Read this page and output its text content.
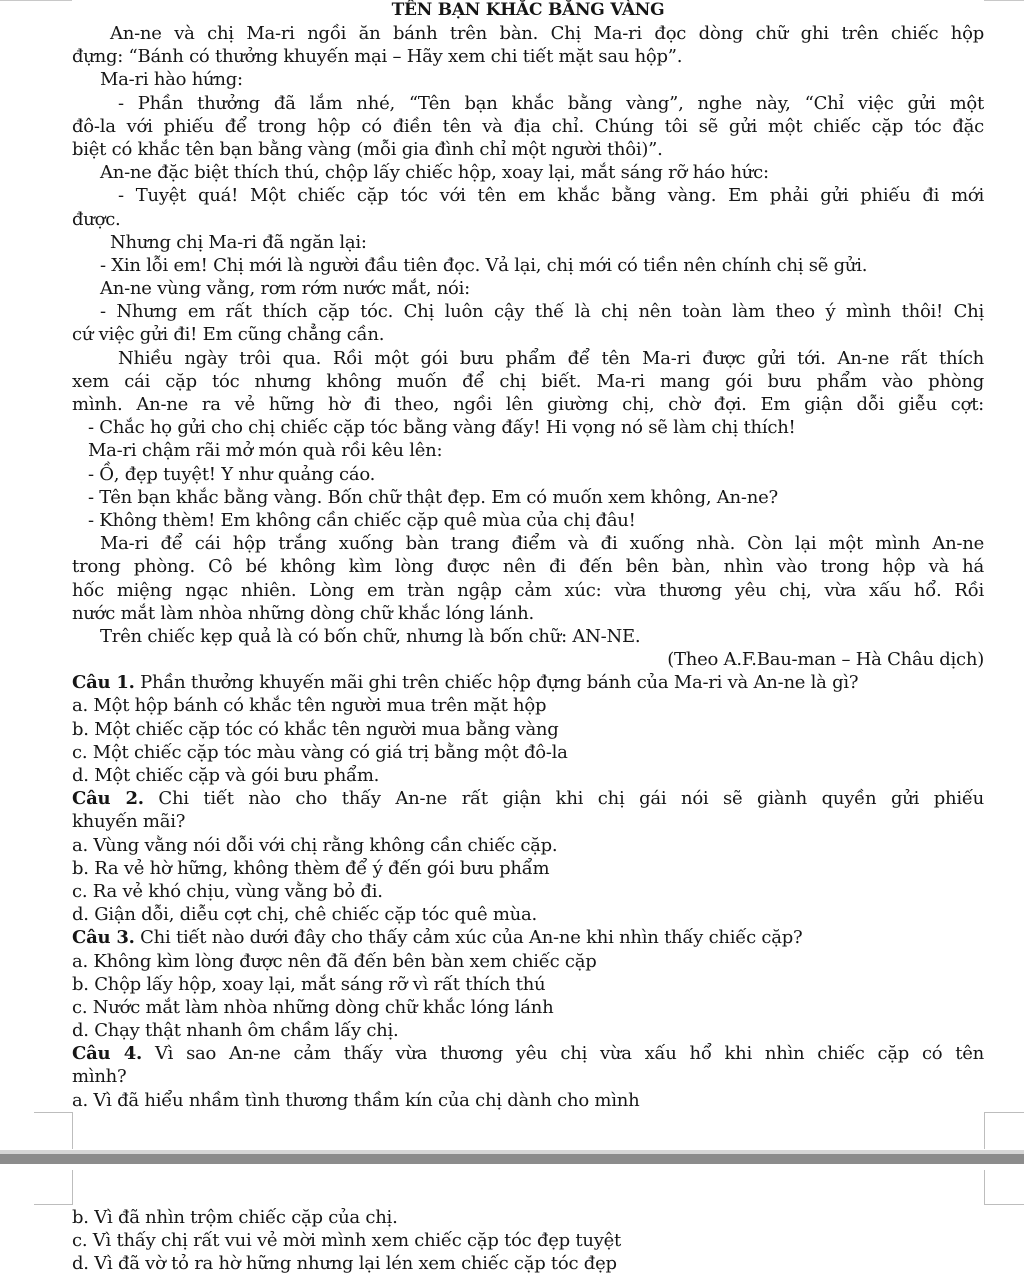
TÊN BẠN KHẮC BẰNG VÀNG
An-ne và chị Ma-ri ngồi ăn bánh trên bàn. Chị Ma-ri đọc dòng chữ ghi trên chiếc hộp
đựng: “Bánh có thưởng khuyến mại – Hãy xem chi tiết mặt sau hộp”.
Ma-ri hào hứng:
- Phần thưởng đã lắm nhé, “Tên bạn khắc bằng vàng”, nghe này, “Chỉ việc gửi một
đô-la với phiếu để trong hộp có điền tên và địa chỉ. Chúng tôi sẽ gửi một chiếc cặp tóc đặc
biệt có khắc tên bạn bằng vàng (mỗi gia đình chỉ một người thôi)”.
An-ne đặc biệt thích thú, chộp lấy chiếc hộp, xoay lại, mắt sáng rỡ háo hức:
- Tuyệt quá! Một chiếc cặp tóc với tên em khắc bằng vàng. Em phải gửi phiếu đi mới
được.
Nhưng chị Ma-ri đã ngăn lại:
- Xin lỗi em! Chị mới là người đầu tiên đọc. Vả lại, chị mới có tiền nên chính chị sẽ gửi.
An-ne vùng vằng, rơm rớm nước mắt, nói:
- Nhưng em rất thích cặp tóc. Chị luôn cậy thế là chị nên toàn làm theo ý mình thôi! Chị
cứ việc gửi đi! Em cũng chẳng cần.
Nhiều ngày trôi qua. Rồi một gói bưu phẩm để tên Ma-ri được gửi tới. An-ne rất thích
xem cái cặp tóc nhưng không muốn để chị biết. Ma-ri mang gói bưu phẩm vào phòng
mình. An-ne ra vẻ hững hờ đi theo, ngồi lên giường chị, chờ đợi. Em giận dỗi giễu cợt:
- Chắc họ gửi cho chị chiếc cặp tóc bằng vàng đấy! Hi vọng nó sẽ làm chị thích!
Ma-ri chậm rãi mở món quà rồi kêu lên:
- Ồ, đẹp tuyệt! Y như quảng cáo.
- Tên bạn khắc bằng vàng. Bốn chữ thật đẹp. Em có muốn xem không, An-ne?
- Không thèm! Em không cần chiếc cặp quê mùa của chị đâu!
Ma-ri để cái hộp trắng xuống bàn trang điểm và đi xuống nhà. Còn lại một mình An-ne
trong phòng. Cô bé không kìm lòng được nên đi đến bên bàn, nhìn vào trong hộp và há
hốc miệng ngạc nhiên. Lòng em tràn ngập cảm xúc: vừa thương yêu chị, vừa xấu hổ. Rồi
nước mắt làm nhòa những dòng chữ khắc lóng lánh.
Trên chiếc kẹp quả là có bốn chữ, nhưng là bốn chữ: AN-NE.
(Theo A.F.Bau-man – Hà Châu dịch)
Câu 1. Phần thưởng khuyến mãi ghi trên chiếc hộp đựng bánh của Ma-ri và An-ne là gì?
a. Một hộp bánh có khắc tên người mua trên mặt hộp
b. Một chiếc cặp tóc có khắc tên người mua bằng vàng
c. Một chiếc cặp tóc màu vàng có giá trị bằng một đô-la
d. Một chiếc cặp và gói bưu phẩm.
Câu 2. Chi tiết nào cho thấy An-ne rất giận khi chị gái nói sẽ giành quyền gửi phiếu
khuyến mãi?
a. Vùng vằng nói dỗi với chị rằng không cần chiếc cặp.
b. Ra vẻ hờ hững, không thèm để ý đến gói bưu phẩm
c. Ra vẻ khó chịu, vùng vằng bỏ đi.
d. Giận dỗi, diễu cợt chị, chê chiếc cặp tóc quê mùa.
Câu 3. Chi tiết nào dưới đây cho thấy cảm xúc của An-ne khi nhìn thấy chiếc cặp?
a. Không kìm lòng được nên đã đến bên bàn xem chiếc cặp
b. Chộp lấy hộp, xoay lại, mắt sáng rỡ vì rất thích thú
c. Nước mắt làm nhòa những dòng chữ khắc lóng lánh
d. Chạy thật nhanh ôm chầm lấy chị.
Câu 4. Vì sao An-ne cảm thấy vừa thương yêu chị vừa xấu hổ khi nhìn chiếc cặp có tên
mình?
a. Vì đã hiểu nhầm tình thương thầm kín của chị dành cho mình
b. Vì đã nhìn trộm chiếc cặp của chị.
c. Vì thấy chị rất vui vẻ mời mình xem chiếc cặp tóc đẹp tuyệt
d. Vì đã vờ tỏ ra hờ hững nhưng lại lén xem chiếc cặp tóc đẹp
